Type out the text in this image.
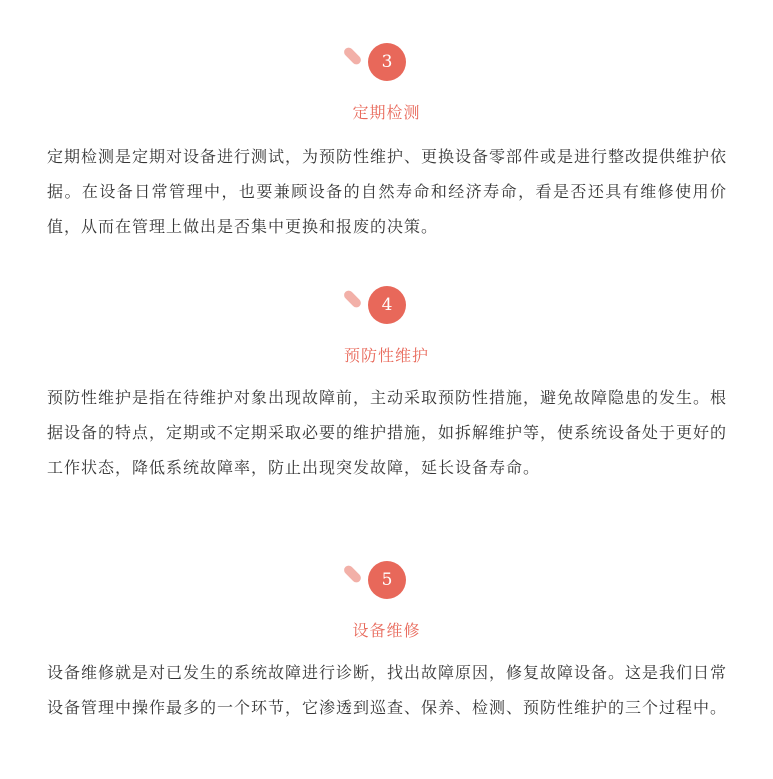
3
定期检测

定期检测是定期对设备进行测试，为预防性维护、更换设备零部件或是进行整改提供维护依据。在设备日常管理中，也要兼顾设备的自然寿命和经济寿命，看是否还具有维修使用价值，从而在管理上做出是否集中更换和报废的决策。

4
预防性维护

预防性维护是指在待维护对象出现故障前，主动采取预防性措施，避免故障隐患的发生。根据设备的特点，定期或不定期采取必要的维护措施，如拆解维护等，使系统设备处于更好的工作状态，降低系统故障率，防止出现突发故障，延长设备寿命。

5
设备维修

设备维修就是对已发生的系统故障进行诊断，找出故障原因，修复故障设备。这是我们日常设备管理中操作最多的一个环节，它渗透到巡查、保养、检测、预防性维护的三个过程中。
